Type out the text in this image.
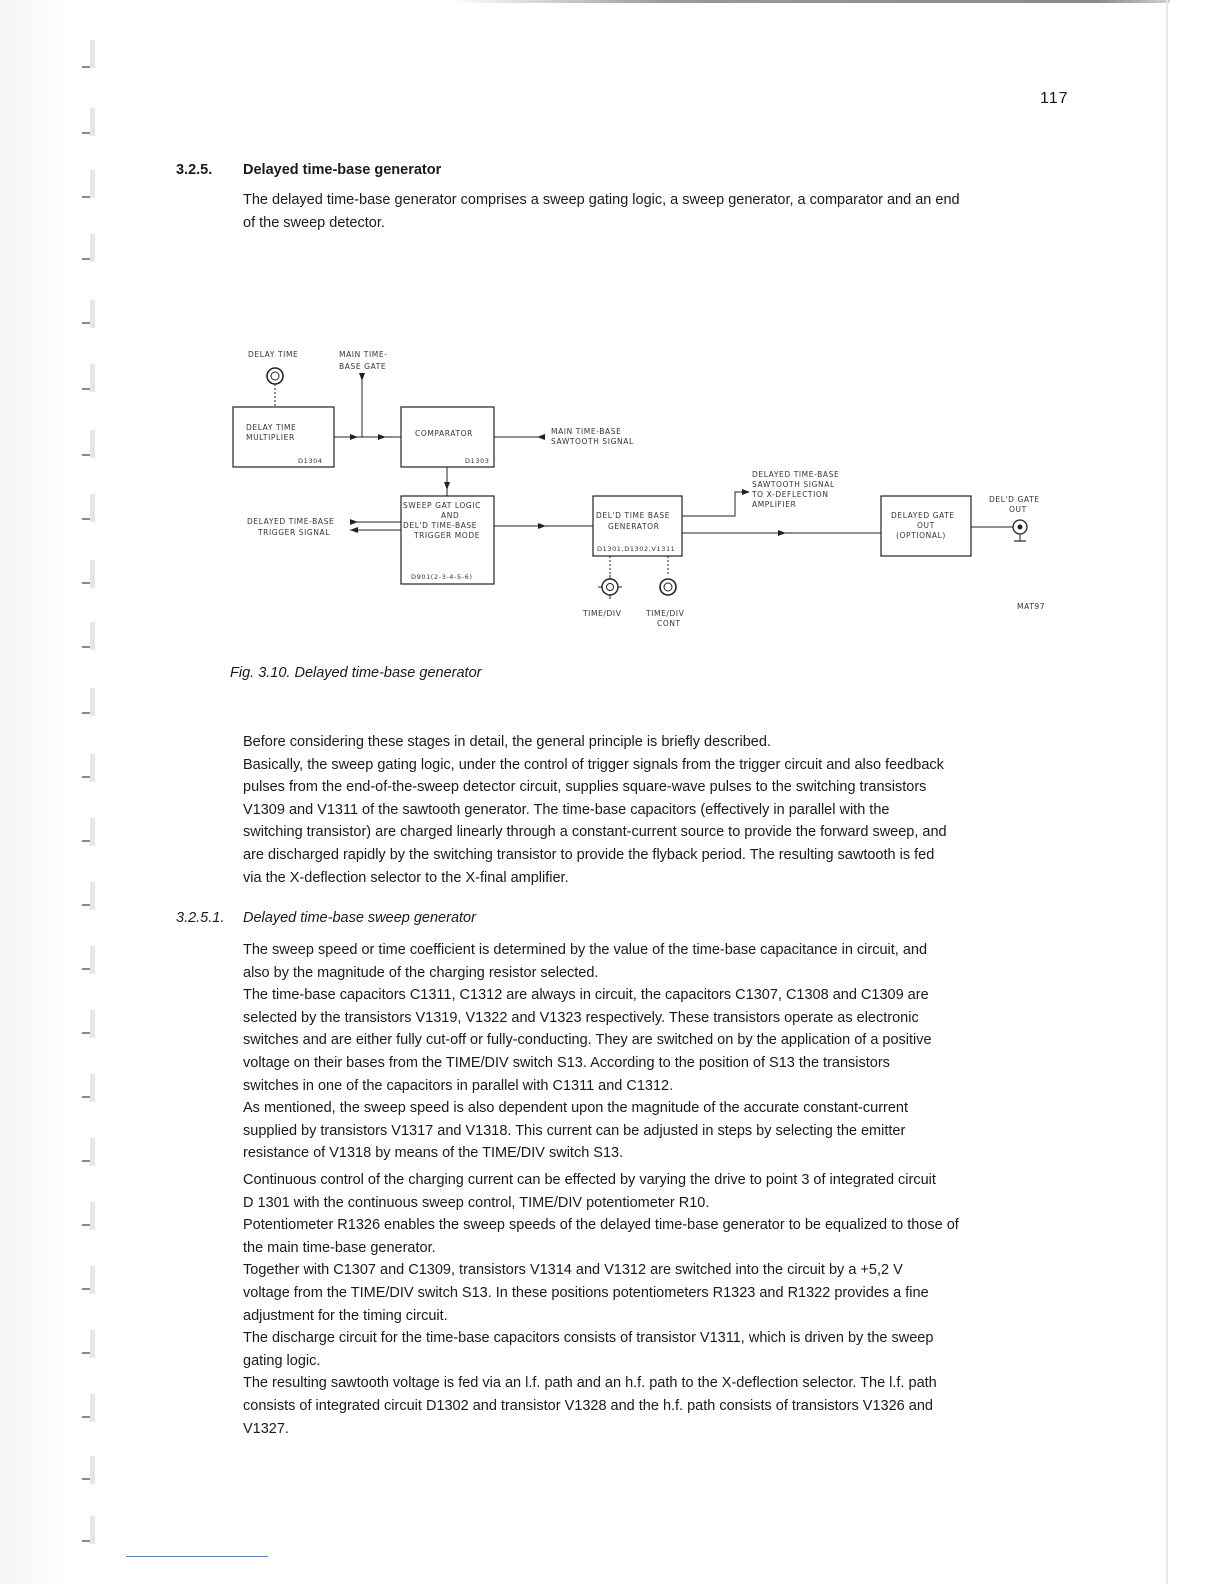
117
3.2.5. Delayed time-base generator

The delayed time-base generator comprises a sweep gating logic, a sweep generator, a comparator and an end
of the sweep detector.

DELAY TIME	MAIN TIME-
BASE GATE
DELAY TIME
MULTIPLIER
D1304
COMPARATOR
D1303
MAIN TIME-BASE
SAWTOOTH SIGNAL
SWEEP GAT LOGIC
AND
DEL'D TIME-BASE
TRIGGER MODE
D901(2-3-4-5-6)
DELAYED TIME-BASE
TRIGGER SIGNAL
DEL'D TIME BASE
GENERATOR
D1301,D1302,V1311
DELAYED TIME-BASE
SAWTOOTH SIGNAL
TO X-DEFLECTION
AMPLIFIER
DELAYED GATE
OUT
(OPTIONAL)
DEL'D GATE
OUT
TIME/DIV	TIME/DIV
CONT
MAT97
Fig. 3.10. Delayed time-base generator

Before considering these stages in detail, the general principle is briefly described.
Basically, the sweep gating logic, under the control of trigger signals from the trigger circuit and also feedback
pulses from the end-of-the-sweep detector circuit, supplies square-wave pulses to the switching transistors
V1309 and V1311 of the sawtooth generator. The time-base capacitors (effectively in parallel with the
switching transistor) are charged linearly through a constant-current source to provide the forward sweep, and
are discharged rapidly by the switching transistor to provide the flyback period. The resulting sawtooth is fed
via the X-deflection selector to the X-final amplifier.

3.2.5.1. Delayed time-base sweep generator

The sweep speed or time coefficient is determined by the value of the time-base capacitance in circuit, and
also by the magnitude of the charging resistor selected.
The time-base capacitors C1311, C1312 are always in circuit, the capacitors C1307, C1308 and C1309 are
selected by the transistors V1319, V1322 and V1323 respectively. These transistors operate as electronic
switches and are either fully cut-off or fully-conducting. They are switched on by the application of a positive
voltage on their bases from the TIME/DIV switch S13. According to the position of S13 the transistors
switches in one of the capacitors in parallel with C1311 and C1312.
As mentioned, the sweep speed is also dependent upon the magnitude of the accurate constant-current
supplied by transistors V1317 and V1318. This current can be adjusted in steps by selecting the emitter
resistance of V1318 by means of the TIME/DIV switch S13.

Continuous control of the charging current can be effected by varying the drive to point 3 of integrated circuit
D 1301 with the continuous sweep control, TIME/DIV potentiometer R10.
Potentiometer R1326 enables the sweep speeds of the delayed time-base generator to be equalized to those of
the main time-base generator.
Together with C1307 and C1309, transistors V1314 and V1312 are switched into the circuit by a +5,2 V
voltage from the TIME/DIV switch S13. In these positions potentiometers R1323 and R1322 provides a fine
adjustment for the timing circuit.
The discharge circuit for the time-base capacitors consists of transistor V1311, which is driven by the sweep
gating logic.
The resulting sawtooth voltage is fed via an l.f. path and an h.f. path to the X-deflection selector. The l.f. path
consists of integrated circuit D1302 and transistor V1328 and the h.f. path consists of transistors V1326 and
V1327.
